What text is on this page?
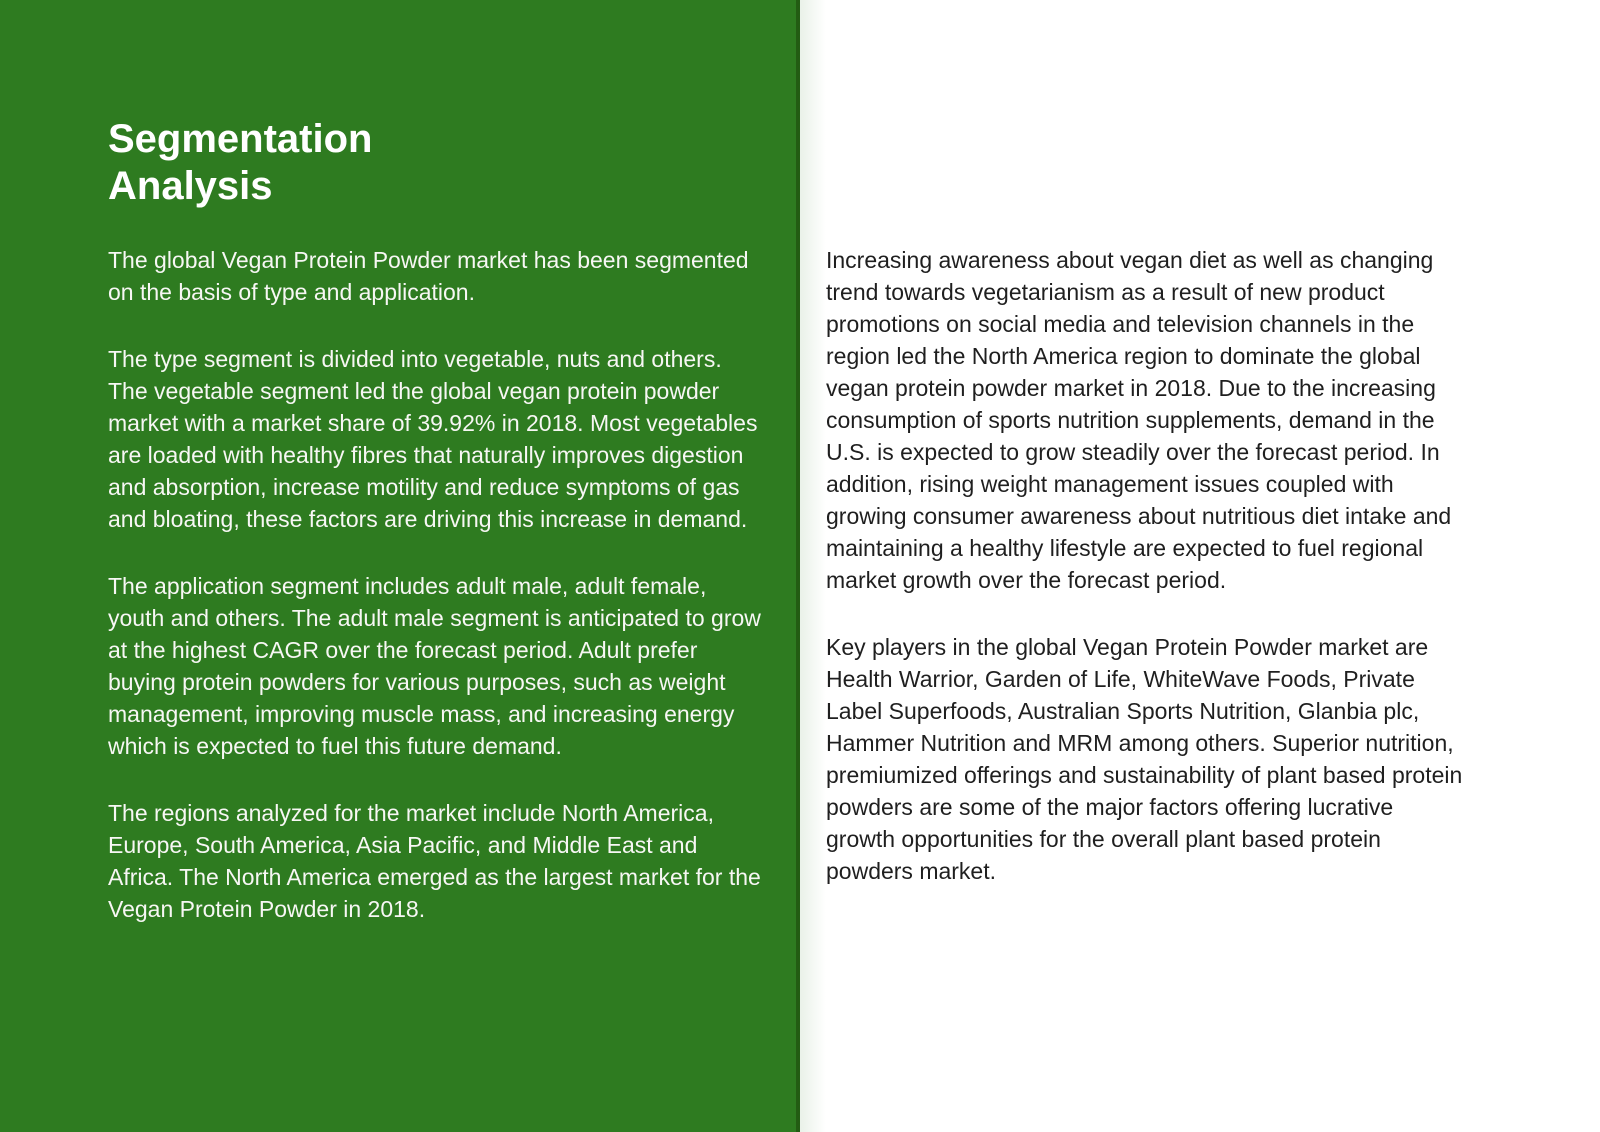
Segmentation
Analysis

The global Vegan Protein Powder market has been segmented on the basis of type and application.

The type segment is divided into vegetable, nuts and others. The vegetable segment led the global vegan protein powder market with a market share of 39.92% in 2018. Most vegetables are loaded with healthy fibres that naturally improves digestion and absorption, increase motility and reduce symptoms of gas and bloating, these factors are driving this increase in demand.

The application segment includes adult male, adult female, youth and others. The adult male segment is anticipated to grow at the highest CAGR over the forecast period. Adult prefer buying protein powders for various purposes, such as weight management, improving muscle mass, and increasing energy which is expected to fuel this future demand.

The regions analyzed for the market include North America, Europe, South America, Asia Pacific, and Middle East and Africa. The North America emerged as the largest market for the Vegan Protein Powder in 2018.

Increasing awareness about vegan diet as well as changing trend towards vegetarianism as a result of new product promotions on social media and television channels in the region led the North America region to dominate the global vegan protein powder market in 2018. Due to the increasing consumption of sports nutrition supplements, demand in the U.S. is expected to grow steadily over the forecast period. In addition, rising weight management issues coupled with growing consumer awareness about nutritious diet intake and maintaining a healthy lifestyle are expected to fuel regional market growth over the forecast period.

Key players in the global Vegan Protein Powder market are Health Warrior, Garden of Life, WhiteWave Foods, Private Label Superfoods, Australian Sports Nutrition, Glanbia plc, Hammer Nutrition and MRM among others. Superior nutrition, premiumized offerings and sustainability of plant based protein powders are some of the major factors offering lucrative growth opportunities for the overall plant based protein powders market.
